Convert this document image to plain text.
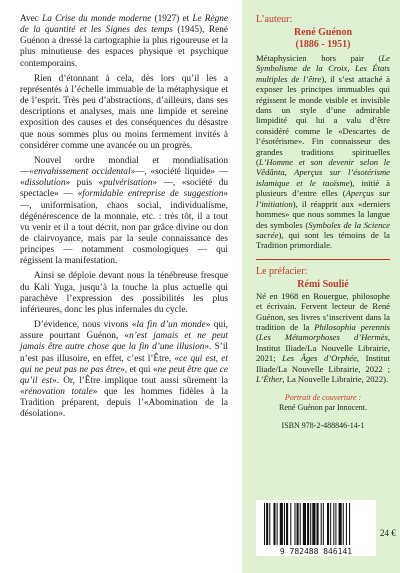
Avec La Crise du monde moderne (1927) et Le Règne de la quantité et les Signes des temps (1945), René Guénon a dressé la cartographie la plus rigoureuse et la plus minutieuse des espaces physique et psychique contemporains.

Rien d’étonnant à cela, dès lors qu’il les a représentés à l’échelle immuable de la métaphysique et de l’esprit. Très peu d’abstractions, d’ailleurs, dans ses descriptions et analyses, mais une limpide et sereine exposition des causes et des conséquences du désastre que nous sommes plus ou moins fermement invités à considérer comme une avancée ou un progrès.

Nouvel ordre mondial et mondialisation —«envahissement occidental»—, «société liquide» — «dissolution» puis «pulvérisation» —, «société du spectacle» — «formidable entreprise de suggestion» —, uniformisation, chaos social, individualisme, dégénérescence de la monnaie, etc. : très tôt, il a tout vu venir et il a tout décrit, non par grâce divine ou don de clairvoyance, mais par la seule connaissance des principes — notamment cosmologiques — qui régissent la manifestation.

Ainsi se déploie devant nous la ténébreuse fresque du Kali Yuga, jusqu’à la touche la plus actuelle qui parachève l’expression des possibilités les plus inférieures, donc les plus infernales du cycle.

D’évidence, nous vivons «la fin d’un monde» qui, assure pourtant Guénon, «n’est jamais et ne peut jamais être autre chose que la fin d’une illusion». S’il n’est pas illusoire, en effet, c’est l’Être, «ce qui est, et qui ne peut pas ne pas être», et qui «ne peut être que ce qu’il est». Or, l’Être implique tout aussi sûrement la «rénovation totale» que les hommes fidèles à la Tradition préparent, depuis l’«Abomination de la désolation».

L’auteur:

René Guénon

(1886 - 1951)

Métaphysicien hors pair (Le Symbolisme de la Croix, Les États multiples de l’être), il s’est attaché à exposer les principes immuables qui régissent le monde visible et invisible dans un style d’une admirable limpidité qui lui a valu d’être considéré comme le «Descartes de l’ésotérisme». Fin connaisseur des grandes traditions spirituelles (L’Homme et son devenir selon le Vêdânta, Aperçus sur l’ésotérisme islamique et le taoïsme), initié à plusieurs d’entre elles (Aperçus sur l’initiation), il réapprit aux «derniers hommes» que nous sommes la langue des symboles (Symboles de la Science sacrée), qui sont les témoins de la Tradition primordiale.

Le préfacier:

Rémi Soulié

Né en 1968 en Rouergue, philosophe et écrivain. Fervent lecteur de René Guénon, ses livres s’inscrivent dans la tradition de la Philosophia perennis (Les Métamorphoses d’Hermès, Institut Iliade/La Nouvelle Librairie, 2021; Les Âges d’Orphée, Institut Iliade/La Nouvelle Librairie, 2022 ; L’Éther, La Nouvelle Librairie, 2022).

Portrait de couverture :

René Guénon par Innocent.

ISBN 978-2-488846-14-1

9 782488 846141
24 €
